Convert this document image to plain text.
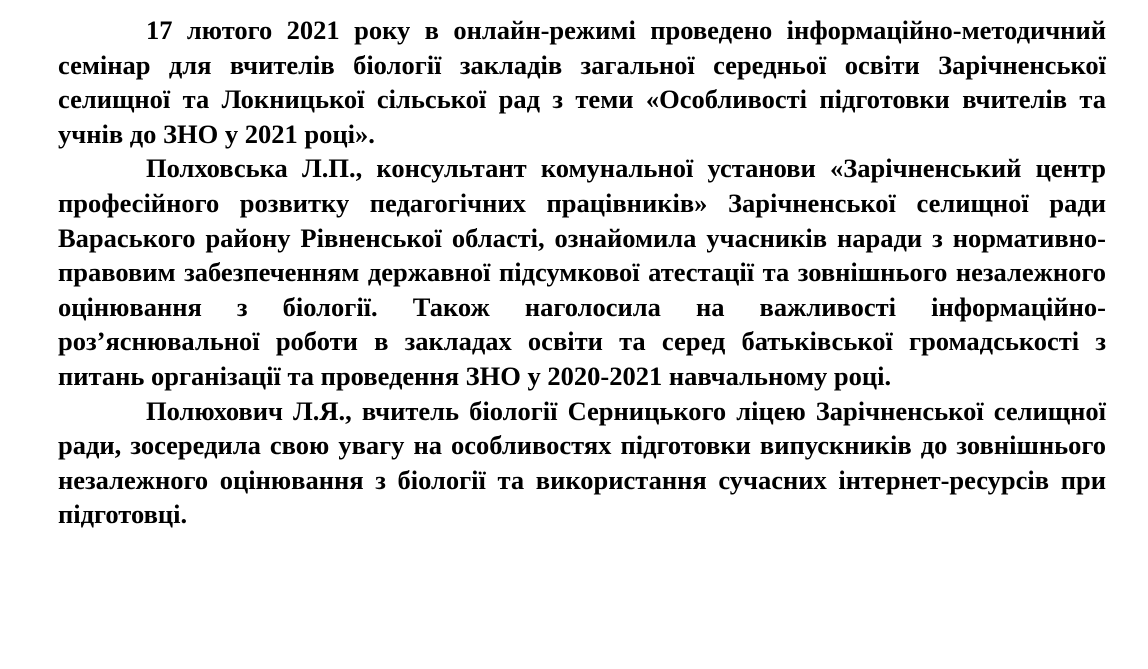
17 лютого 2021 року в онлайн-режимі проведено інформаційно-методичний семінар для вчителів біології закладів загальної середньої освіти Зарічненської селищної та Локницької сільської рад з теми «Особливості підготовки вчителів та учнів до ЗНО у 2021 році».

Полховська Л.П., консультант комунальної установи «Зарічненський центр професійного розвитку педагогічних працівників» Зарічненської селищної ради Вараського району Рівненської області, ознайомила учасників наради з нормативно-правовим забезпеченням державної підсумкової атестації та зовнішнього незалежного оцінювання з біології. Також наголосила на важливості інформаційно-роз’яснювальної роботи в закладах освіти та серед батьківської громадськості з питань організації та проведення ЗНО у 2020-2021 навчальному році.

Полюхович Л.Я., вчитель біології Серницького ліцею Зарічненської селищної ради, зосередила свою увагу на особливостях підготовки випускників до зовнішнього незалежного оцінювання з біології та використання сучасних інтернет-ресурсів при підготовці.
